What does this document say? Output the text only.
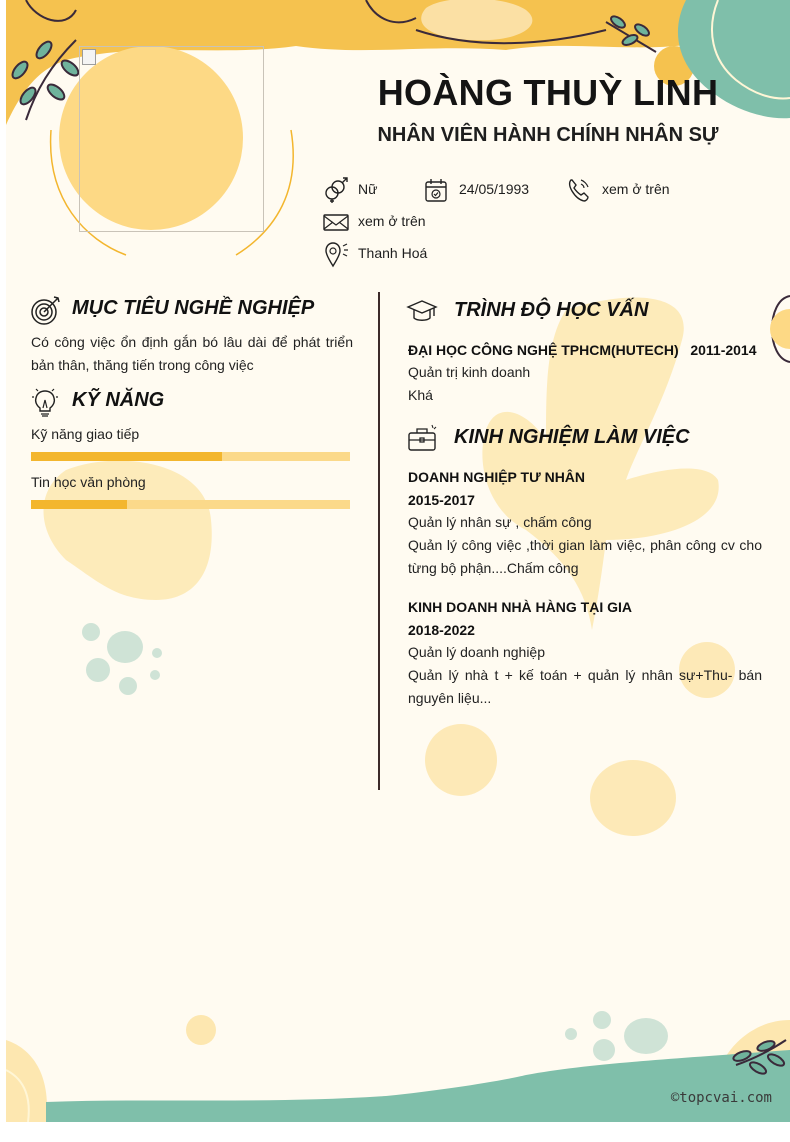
HOÀNG THUỲ LINH
NHÂN VIÊN HÀNH CHÍNH NHÂN SỰ
Nữ	24/05/1993	xem ở trên
xem ở trên
Thanh Hoá
MỤC TIÊU NGHỀ NGHIỆP
Có công việc ổn định gắn bó lâu dài để phát triển bản thân, thăng tiến trong công việc
KỸ NĂNG
Kỹ năng giao tiếp
Tin học văn phòng
TRÌNH ĐỘ HỌC VẤN
ĐẠI HỌC CÔNG NGHỆ TPHCM(HUTECH)   2011-2014
Quản trị kinh doanh
Khá
KINH NGHIỆM LÀM VIỆC
DOANH NGHIỆP TƯ NHÂN
2015-2017
Quản lý nhân sự , chấm công
Quản lý công việc ,thời gian làm việc, phân công cv cho từng bộ phận....Chấm công
KINH DOANH NHÀ HÀNG TẠI GIA
2018-2022
Quản lý doanh nghiệp
Quản lý nhà t + kế toán + quản lý nhân sự+Thu- bán nguyên liệu...
©topcvai.com
